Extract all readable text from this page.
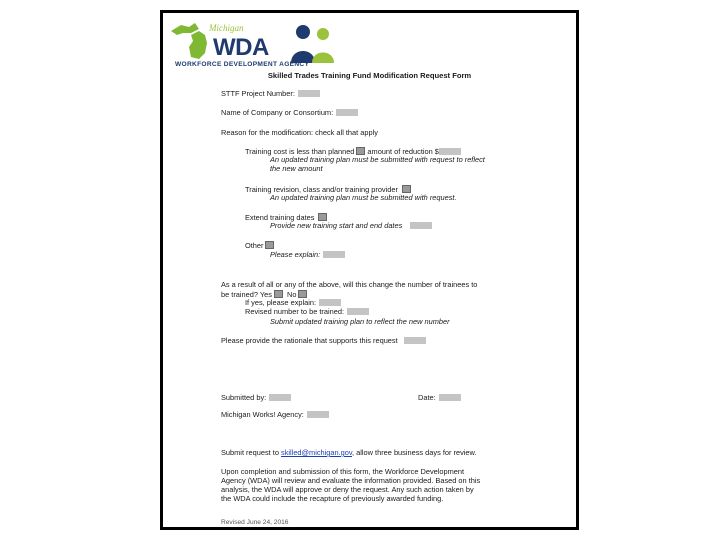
Michigan
WDA
WORKFORCE DEVELOPMENT AGENCY
Skilled Trades Training Fund Modification Request Form
STTF Project Number:
Name of Company or Consortium:
Reason for the modification: check all that apply
Training cost is less than planned amount of reduction $
An updated training plan must be submitted with request to reflect
the new amount
Training revision, class and/or training provider
An updated training plan must be submitted with request.
Extend training dates
Provide new training start and end dates
Other
Please explain:
As a result of all or any of the above, will this change the number of trainees to
be trained? Yes No
If yes, please explain:
Revised number to be trained:
Submit updated training plan to reflect the new number
Please provide the rationale that supports this request
Submitted by:	Date:
Michigan Works! Agency:
Submit request to skilled@michigan.gov, allow three business days for review.
Upon completion and submission of this form, the Workforce Development
Agency (WDA) will review and evaluate the information provided. Based on this
analysis, the WDA will approve or deny the request. Any such action taken by
the WDA could include the recapture of previously awarded funding.
Revised June 24, 2016
